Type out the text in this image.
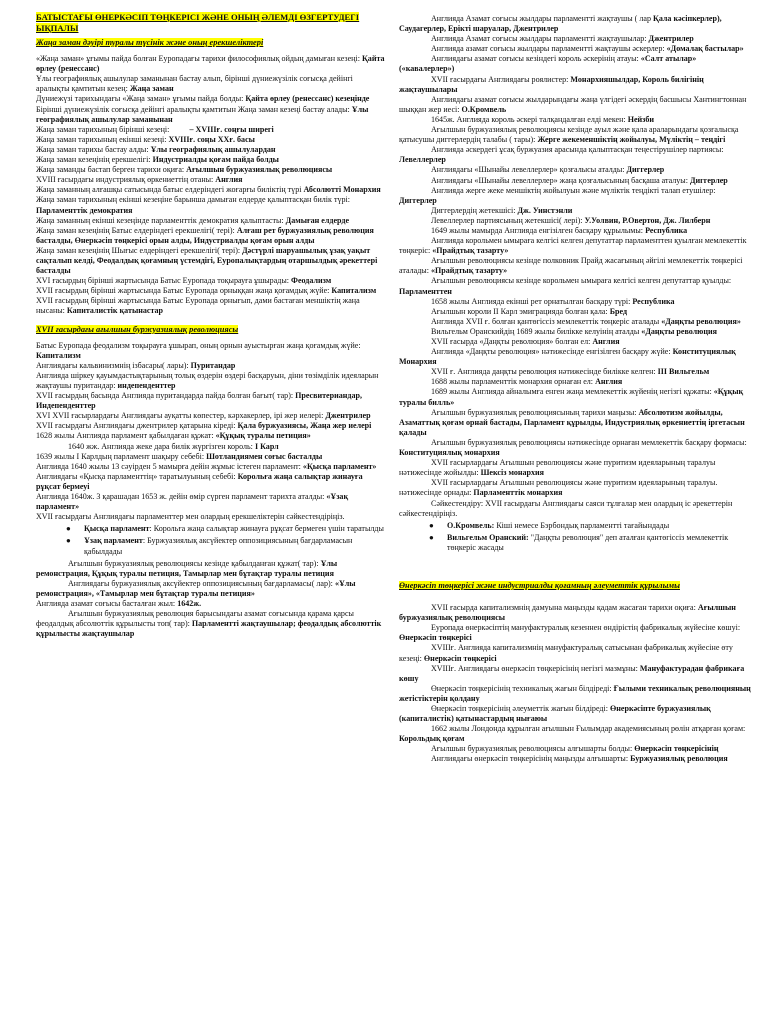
БАТЫСТАҒЫ ӨНЕРКӘСІП ТӨҢКЕРІСІ ЖӘНЕ ОНЫҢ ӘЛЕМДІ ӨЗГЕРТУДЕГІ ЫҚПАЛЫ

Жаңа заман дәуірі туралы түсінік және оның ерекшеліктері

«Жаңа заман» ұғымы пайда болған Еуропадағы тарихи философиялық ойдың дамыған кезеңі: Қайта өрлеу (ренессанс)

Ұлы географиялық ашылулар заманынан бастау алып, бірінші дүниежүзілік соғысқа дейінгі аралықты қамтитын кезең: Жаңа заман

Дүниежүзі тарихындағы «Жаңа заман» ұғымы пайда болды: Қайта өрлеу (ренессанс) кезеңінде

Бірінші дүниежүзілік соғысқа дейінгі аралықты қамтитын Жаңа заман кезеңі бастау алады: Ұлы географиялық ашылулар заманынан

Жаңа заман тарихының бірінші кезеңі:          – XVIIIғ. соңғы ширегі

Жаңа заман тарихының екінші кезеңі: XVIIIғ. соңы XXғ. басы

Жаңа заман тарихы бастау алды: Ұлы географиялық ашылулардан

Жаңа заман кезеңінің ерекшелігі: Индустриалды қоғам пайда болды

Жаңа заманды бастап берген тарихи оқиға: Ағылшын буржуазиялық революциясы

XVIII ғасырдағы индустриялық өркениеттің отаны: Англия

Жаңа заманның алғашқы сатысында батыс елдеріндегі жоғарғы биліктің түрі Абсолютті Монархия

Жаңа заман тарихының екінші кезеңіне барынша дамыған елдерде қалыптасқан билік түрі: Парламенттік демократия

Жаңа заманның екінші кезеңінде парламенттік демократия қалыптасты: Дамыған елдерде

Жаңа заман кезеңінің Батыс елдеріндегі ерекшелігі( тері): Алғаш рет буржуазиялық революция басталды, Өнеркәсіп төңкерісі орын алды, Индустриалды қоғам орын алды

Жаңа заман кезеңінің Шығыс елдеріндегі ерекшелігі( тері): Дәстүрлі шаруашылық ұзақ уақыт сақталып келді, Феодалдық қоғамның үстемдігі, Еуропалықтардың отаршылдық әрекеттері басталды

XVI ғасырдың бірінші жартысында Батыс Еуропада тоқырауға ұшырады: Феодализм

XVII ғасырдың бірінші жартысында Батыс Еуропада орныққан жаңа қоғамдық жүйе: Капитализм

XVII ғасырдың бірінші жартысында Батыс Еуропада орнығып, дами бастаған меншіктің жаңа нысаны: Капиталистік қатынастар

XVII ғасырдағы ағылшын буржуазиялық революциясы

Батыс Еуропада феодализм тоқырауға ұшырап, оның орнын ауыстырған жаңа қоғамдық жүйе: Капитализм

Англиядағы кальвинизмнің ізбасары( лары): Пуритандар

Англияда шіркеу қауымдастықтарының толық өздерін өздері басқаруын, діни төзімділік идеяларын жақтаушы пуритандар: индепенденттер

XVII ғасырдың басында Англияда пуритандарда пайда болған бағыт( тар): Пресвитериандар, Индепенденттер

XVI XVII ғасырлардағы Англиядағы ауқатты көпестер, кәрхакерлер, ірі жер иелері: Джентрилер

XVII ғасырдағы Англиядағы джентрилер қатарына кіреді: Қала буржуазиясы, Жаңа жер иелері

1628 жылы Англияда парламент қабылдаған құжат: «Құқық туралы петиция»

1640 жж. Англияда жеке дара билік жүргізген король: I Карл

1639 жылы I Карлдың парламент шақыру себебі: Шотландиямен соғыс басталды

Англияда 1640 жылы 13 сәуірден 5 мамырға дейін жұмыс істеген парламент: «Қысқа парламент»

Англиядағы «Қысқа парламенттің» таратылуының себебі: Корольға жаңа салықтар жинауға рұқсат бермеуі

Англияда 1640ж. 3 қарашадан 1653 ж. дейін өмір сүрген парламент тарихта аталды: «Ұзақ парламент»

XVII ғасырдағы Англиядағы парламенттер мен олардың ерекшеліктерін сәйкестендіріңіз.

● Қысқа парламент: Корольға жаңа салықтар жинауға рұқсат бермеген үшін таратылды
● Ұзақ парламент: Буржуазиялық аксүйектер оппозициясының бағдарламасын қабылдады

Ағылшын буржуазиялық революциясы кезінде қабылданған құжат( тар): Ұлы ремонстрация, Құқық туралы петиция, Тамырлар мен бұтақтар туралы петиция

Англиядағы буржуазиялық аксүйектер оппозициясының бағдарламасы( лар): «Ұлы ремонстрация», «Тамырлар мен бұтақтар туралы петиция»

Англияда азамат соғысы басталған жыл: 1642ж.

Ағылшын буржуазиялық революция барысындағы азамат соғысында қарама қарсы феодалдық абсолюттік құрылысты топ( тар): Парламентті жақтаушылар; феодалдық абсолюттік құрылысты жақтаушылар

Англияда Азамат соғысы жылдары парламентті жақтаушы ( лар Қала кәсіпкерлер), Саудагерлер, Еріктi шаруалар, Джентрилер

Англияда Азамат соғысы жылдары парламентті жақтаушылар: Джентрилер

Англияда азамат соғысы жылдары парламентті жақтаушы әскерлер: «Домалақ бастылар»

Англиядағы азамат соғысы кезіндегі король әскерінің атауы: «Салт атылар» («кавалерлер»)

XVII ғасырдағы Англиядағы роялистер: Монархияшылдар, Король билігінің жақтаушылары

Англиядағы азамат соғысы жылдарындағы жаңа үлгідегі әскердің басшысы Хантингтоннан шыққан жер иесі: О.Кромвель

1645ж. Англияда король әскері талқандалған елді мекен: Нейзби

Ағылшын буржуазиялық революциясы кезінде ауыл және қала араларындағы қозғалысқа қатысушы диггерлердің талабы ( тары): Жерге жекеменшіктің жойылуы, Мүліктің – теңдігі

Англияда әскердегі ұсақ буржуазия арасында қалыптасқан теңестірушілер партиясы: Левеллерлер

Англиядағы «Шынайы левеллерлер» қозғалысы аталды: Диггерлер

Англиядағы «Шынайы левеллерлер» жаңа қозғалысының басқаша аталуы: Диггерлер

Англияда жерге жеке меншіктің жойылуын және мүліктік теңдікті талап етушілер: Диггерлер

Диггерлердің жетекшісі: Дж. Уинстэнли

Левеллерлер партиясының жетекшісі( лері): У.Уолвин, Р.Овертон, Дж. Лилберн

1649 жылы мамырда Англияда енгізілген басқару құрылымы: Республика

Англияда корольмен ымыраға келгісі келген депутаттар парламенттен қуылған мемлекеттік төңкеріс: «Прайдтық тазарту»

Ағылшын революциясы кезінде полковник Прайд жасағының әйгілі мемлекеттік төңкерісі аталады: «Прайдтық тазарту»

Ағылшын революциясы кезінде корольмен ымыраға келгісі келген депутаттар қуылды: Парламенттен

1658 жылы Англияда екінші рет орнатылған басқару түрі: Республика

Ағылшын короли II Карл эмиграцияда болған қала: Бред

Англияда XVII ғ. болған қантөгіссіз мемлекеттік төңкеріс аталады «Даңқты революция»

Вильгельм Оранскийдің 1689 жылы билікке келуінің аталды «Даңқты революция

XVII ғасырда «Даңқты революция» болған ел: Англия

Англияда «Даңқты революция» нәтижесінде енгізілген басқару жүйе: Конституциялық Монархия

XVII ғ. Англияда даңқты революция нәтижесінде билікке келген: III Вильгельм

1688 жылы парламенттік монархия орнаған ел: Англия

1689 жылы Англияда айналымға енген жаңа мемлекеттік жүйенің негізгі құжаты: «Құқық туралы билль»

Ағылшын буржуазиялық революциясының тарихи маңызы: Абсолютизм жойылды, Азаматтық қоғам орнай бастады, Парламент құрылды, Индустриялық өркениеттің іргетасын қалады

Ағылшын буржуазиялық революциясы нәтижесінде орнаған мемлекеттік басқару формасы: Конституциялық монархия

XVII ғасырлардағы Ағылшын революциясы және пуритизм идеяларының таралуы нәтижесінде жойылды: Шексіз монархия

XVII ғасырлардағы Ағылшын революциясы және пуритизм идеяларының таралуы. нәтижесінде орнады: Парламенттік монархия

Сәйкестендіру: XVII ғасырдағы Англиядағы саяси тұлғалар мен олардың іс әрекеттерін сәйкестендіріңіз.

● О.Кромвель: Кіші немесе Бэрбондық парламентті тағайындады
● Вильгельм Оранский: "Даңқты революция" деп аталған қантөгіссіз мемлекеттік төңкеріс жасады

Өнеркәсіп төңкерісі және индустриалды қоғамның әлеуметтік құрылымы

XVII ғасырда капитализмнің дамуына маңызды қадам жасаған тарихи оқиға: Ағылшын буржуазиялық революциясы

Еуропада өнеркәсіптің мануфактуралық кезеннен өндірістің фабрикалық жүйесіне көшуі: Өнеркәсіп төңкерісі

XVIIIғ. Англияда капитализмнің мануфактуралық сатысынан фабрикалық жүйесіне өту кезеңі: Өнеркәсіп төңкерісі

XVIIIғ. Англиядағы өнеркәсіп төңкерісінің негізгі мазмұны: Мануфактурадан фабрикаға көшу

Өнеркәсіп төңкерісінің техникалық жағын білдіреді: Ғылыми техникалық революцияның жетістіктерін қолдану

Өнеркәсіп төңкерісінің әлеуметтік жағын білдіреді: Өнеркәсіпте буржуазиялық (капиталистік) қатынастардың нығаюы

1662 жылы Лондонда құрылған ағылшын Ғылымдар академиясының рөлін атқарған қоғам: Корольдық қоғам

Ағылшын буржуазиялық революциясы алғышарты болды: Өнеркәсіп төңкерісінің

Англиядағы өнеркәсіп төңкерісінің маңызды алғышарты: Буржуазиялық революция
